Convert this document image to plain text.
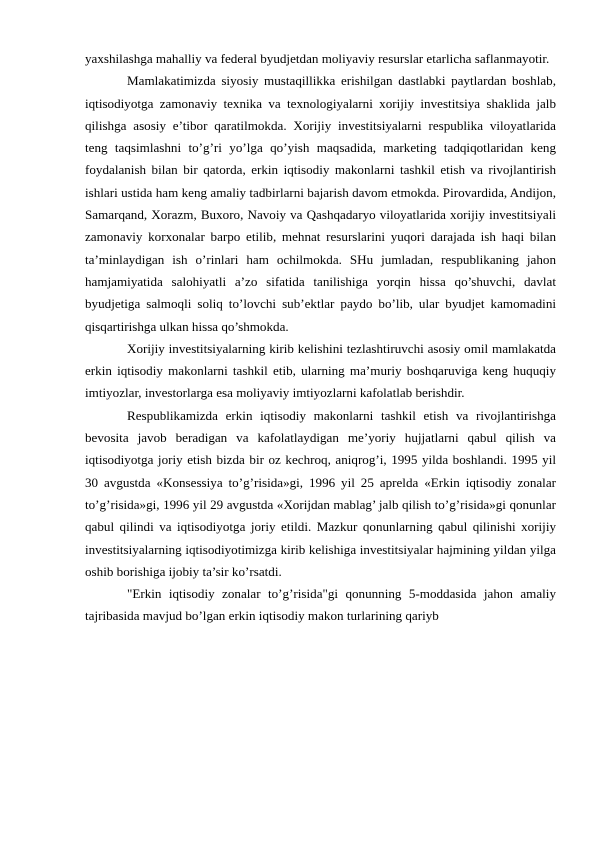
yaxshilashga mahalliy va federal byudjetdan moliyaviy resurslar etarlicha saflanmayotir.

Mamlakatimizda siyosiy mustaqillikka erishilgan dastlabki paytlardan boshlab, iqtisodiyotga zamonaviy texnika va texnologiyalarni xorijiy investitsiya shaklida jalb qilishga asosiy e’tibor qaratilmokda. Xorijiy investitsiyalarni respublika viloyatlarida teng taqsimlashni to’g’ri yo’lga qo’yish maqsadida, marketing tadqiqotlaridan keng foydalanish bilan bir qatorda, erkin iqtisodiy makonlarni tashkil etish va rivojlantirish ishlari ustida ham keng amaliy tadbirlarni bajarish davom etmokda. Pirovardida, Andijon, Samarqand, Xorazm, Buxoro, Navoiy va Qashqadaryo viloyatlarida xorijiy investitsiyali zamonaviy korxonalar barpo etilib, mehnat resurslarini yuqori darajada ish haqi bilan ta’minlaydigan ish o’rinlari ham ochilmokda. SHu jumladan, respublikaning jahon hamjamiyatida salohiyatli a’zo sifatida tanilishiga yorqin hissa qo’shuvchi, davlat byudjetiga salmoqli soliq to’lovchi sub’ektlar paydo bo’lib, ular byudjet kamomadini qisqartirishga ulkan hissa qo’shmokda.

Xorijiy investitsiyalarning kirib kelishini tezlashtiruvchi asosiy omil mamlakatda erkin iqtisodiy makonlarni tashkil etib, ularning ma’muriy boshqaruviga keng huquqiy imtiyozlar, investorlarga esa moliyaviy imtiyozlarni kafolatlab berishdir.

Respublikamizda erkin iqtisodiy makonlarni tashkil etish va rivojlantirishga bevosita javob beradigan va kafolatlaydigan me’yoriy hujjatlarni qabul qilish va iqtisodiyotga joriy etish bizda bir oz kechroq, aniqrog’i, 1995 yilda boshlandi. 1995 yil 30 avgustda «Konsessiya to’g’risida»gi, 1996 yil 25 aprelda «Erkin iqtisodiy zonalar to’g’risida»gi, 1996 yil 29 avgustda «Xorijdan mablag’ jalb qilish to’g’risida»gi qonunlar qabul qilindi va iqtisodiyotga joriy etildi. Mazkur qonunlarning qabul qilinishi xorijiy investitsiyalarning iqtisodiyotimizga kirib kelishiga investitsiyalar hajmining yildan yilga oshib borishiga ijobiy ta’sir ko’rsatdi.

"Erkin iqtisodiy zonalar to’g’risida"gi qonunning 5-moddasida jahon amaliy tajribasida mavjud bo’lgan erkin iqtisodiy makon turlarining qariyb
